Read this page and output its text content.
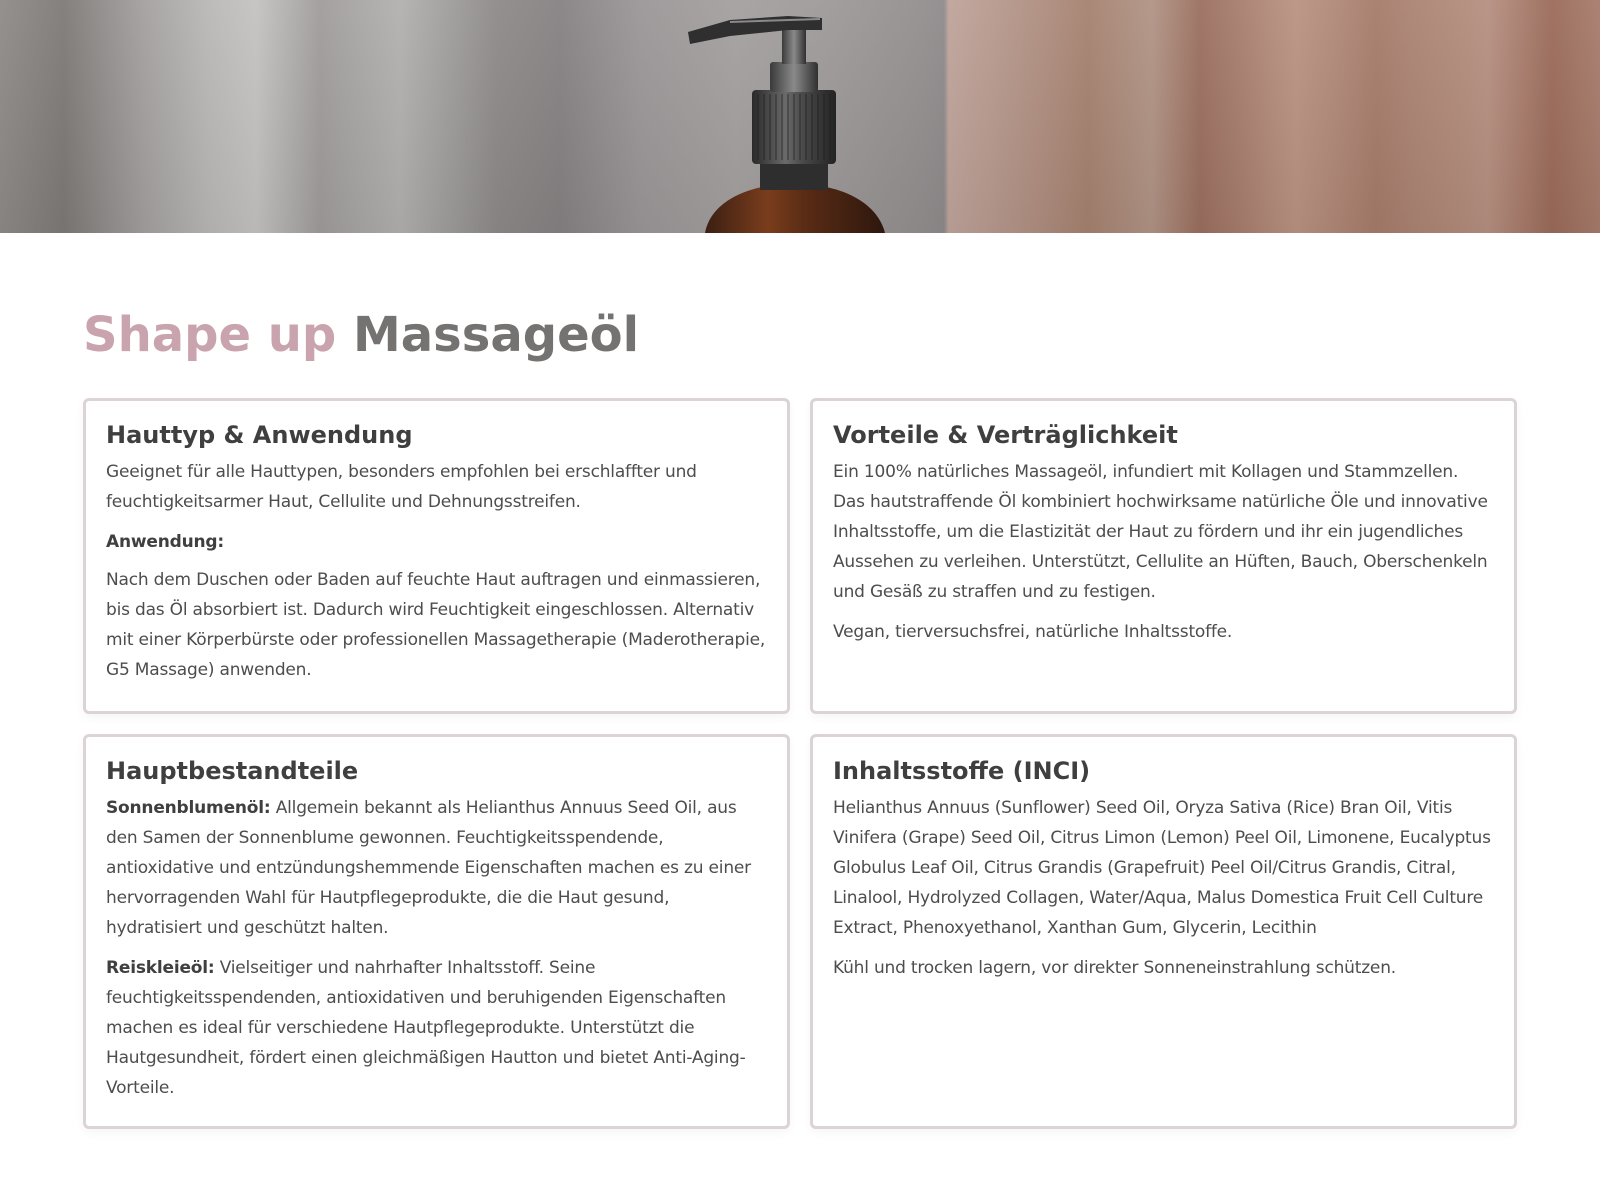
Shape up Massageöl
Hauttyp & Anwendung

Geeignet für alle Hauttypen, besonders empfohlen bei erschlaffter und feuchtigkeitsarmer Haut, Cellulite und Dehnungsstreifen.

Anwendung:

Nach dem Duschen oder Baden auf feuchte Haut auftragen und einmassieren, bis das Öl absorbiert ist. Dadurch wird Feuchtigkeit eingeschlossen. Alternativ mit einer Körperbürste oder professionellen Massagetherapie (Maderotherapie, G5 Massage) anwenden.

Vorteile & Verträglichkeit

Ein 100% natürliches Massageöl, infundiert mit Kollagen und Stammzellen. Das hautstraffende Öl kombiniert hochwirksame natürliche Öle und innovative Inhaltsstoffe, um die Elastizität der Haut zu fördern und ihr ein jugendliches Aussehen zu verleihen. Unterstützt, Cellulite an Hüften, Bauch, Oberschenkeln und Gesäß zu straffen und zu festigen.

Vegan, tierversuchsfrei, natürliche Inhaltsstoffe.

Hauptbestandteile

Sonnenblumenöl: Allgemein bekannt als Helianthus Annuus Seed Oil, aus den Samen der Sonnenblume gewonnen. Feuchtigkeitsspendende, antioxidative und entzündungshemmende Eigenschaften machen es zu einer hervorragenden Wahl für Hautpflegeprodukte, die die Haut gesund, hydratisiert und geschützt halten.

Reiskleieöl: Vielseitiger und nahrhafter Inhaltsstoff. Seine feuchtigkeitsspendenden, antioxidativen und beruhigenden Eigenschaften machen es ideal für verschiedene Hautpflegeprodukte. Unterstützt die Hautgesundheit, fördert einen gleichmäßigen Hautton und bietet Anti-Aging-Vorteile.

Inhaltsstoffe (INCI)

Helianthus Annuus (Sunflower) Seed Oil, Oryza Sativa (Rice) Bran Oil, Vitis Vinifera (Grape) Seed Oil, Citrus Limon (Lemon) Peel Oil, Limonene, Eucalyptus Globulus Leaf Oil, Citrus Grandis (Grapefruit) Peel Oil/Citrus Grandis, Citral, Linalool, Hydrolyzed Collagen, Water/Aqua, Malus Domestica Fruit Cell Culture Extract, Phenoxyethanol, Xanthan Gum, Glycerin, Lecithin

Kühl und trocken lagern, vor direkter Sonneneinstrahlung schützen.
